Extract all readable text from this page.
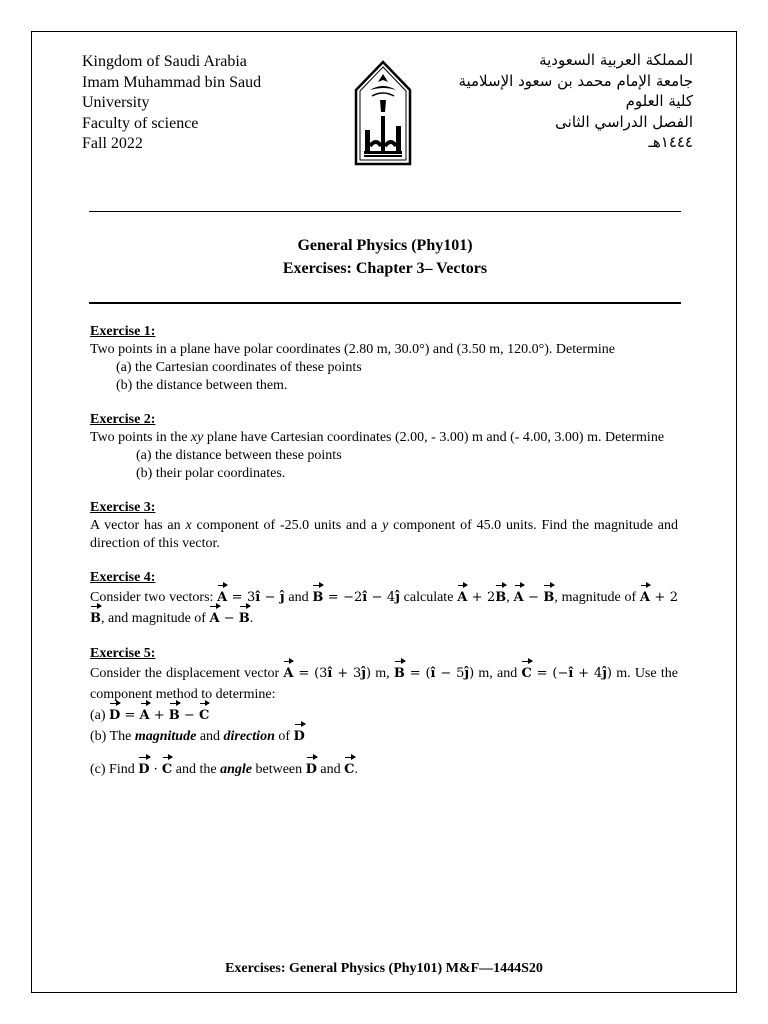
Kingdom of Saudi Arabia
Imam Muhammad bin Saud
University
Faculty of science
Fall 2022
المملكة العربية السعودية
جامعة الإمام محمد بن سعود الإسلامية
كلية العلوم
الفصل الدراسي الثانى
١٤٤٤هـ
General Physics (Phy101)
Exercises: Chapter 3– Vectors
Exercise 1:
Two points in a plane have polar coordinates (2.80 m, 30.0°) and (3.50 m, 120.0°). Determine
(a) the Cartesian coordinates of these points
(b) the distance between them.
Exercise 2:
Two points in the xy plane have Cartesian coordinates (2.00, - 3.00) m and (- 4.00, 3.00) m. Determine
(a) the distance between these points
(b) their polar coordinates.
Exercise 3:
A vector has an x component of -25.0 units and a y component of 45.0 units. Find the magnitude and direction of this vector.
Exercise 4:
Consider two vectors: A = 3î − ĵ and B = −2î − 4ĵ calculate A + 2B, A − B, magnitude of A + 2B, and magnitude of A − B.
Exercise 5:
Consider the displacement vector A = (3î + 3ĵ) m, B = (î − 5ĵ) m, and C = (−î + 4ĵ) m. Use the component method to determine:
(a) D = A + B − C
(b) The magnitude and direction of D
(c) Find D · C and the angle between D and C.
Exercises: General Physics (Phy101) M&F—1444S20
